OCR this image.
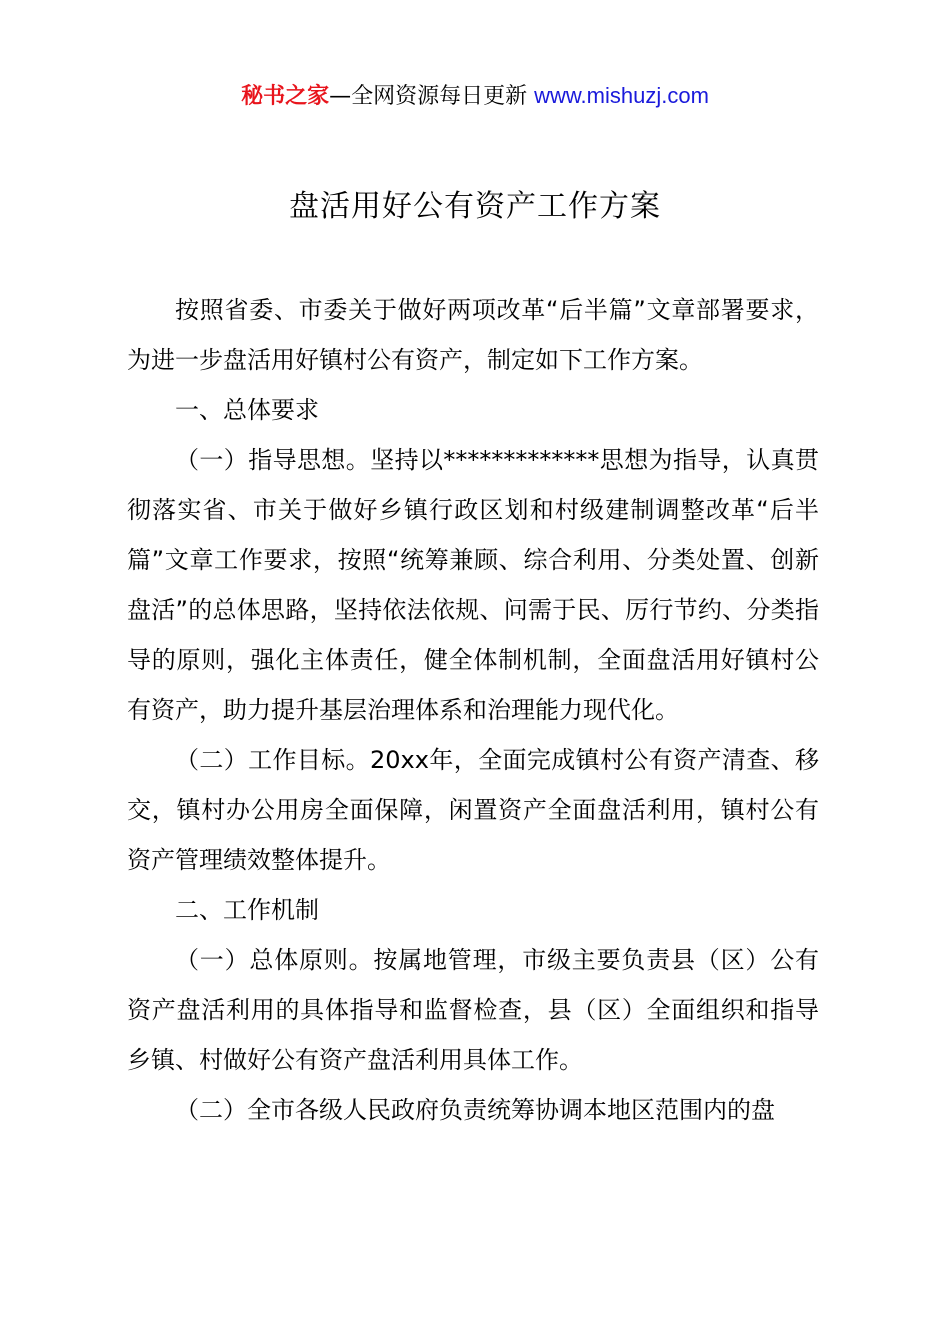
秘书之家—全网资源每日更新 www.mishuzj.com
盘活用好公有资产工作方案

按照省委、市委关于做好两项改革“后半篇”文章部署要求，为进一步盘活用好镇村公有资产，制定如下工作方案。

一、总体要求

（一）指导思想。坚持以*************思想为指导，认真贯彻落实省、市关于做好乡镇行政区划和村级建制调整改革“后半篇”文章工作要求，按照“统筹兼顾、综合利用、分类处置、创新盘活”的总体思路，坚持依法依规、问需于民、厉行节约、分类指导的原则，强化主体责任，健全体制机制，全面盘活用好镇村公有资产，助力提升基层治理体系和治理能力现代化。

（二）工作目标。20xx年，全面完成镇村公有资产清查、移交，镇村办公用房全面保障，闲置资产全面盘活利用，镇村公有资产管理绩效整体提升。

二、工作机制

（一）总体原则。按属地管理，市级主要负责县（区）公有资产盘活利用的具体指导和监督检查，县（区）全面组织和指导乡镇、村做好公有资产盘活利用具体工作。

（二）全市各级人民政府负责统筹协调本地区范围内的盘
